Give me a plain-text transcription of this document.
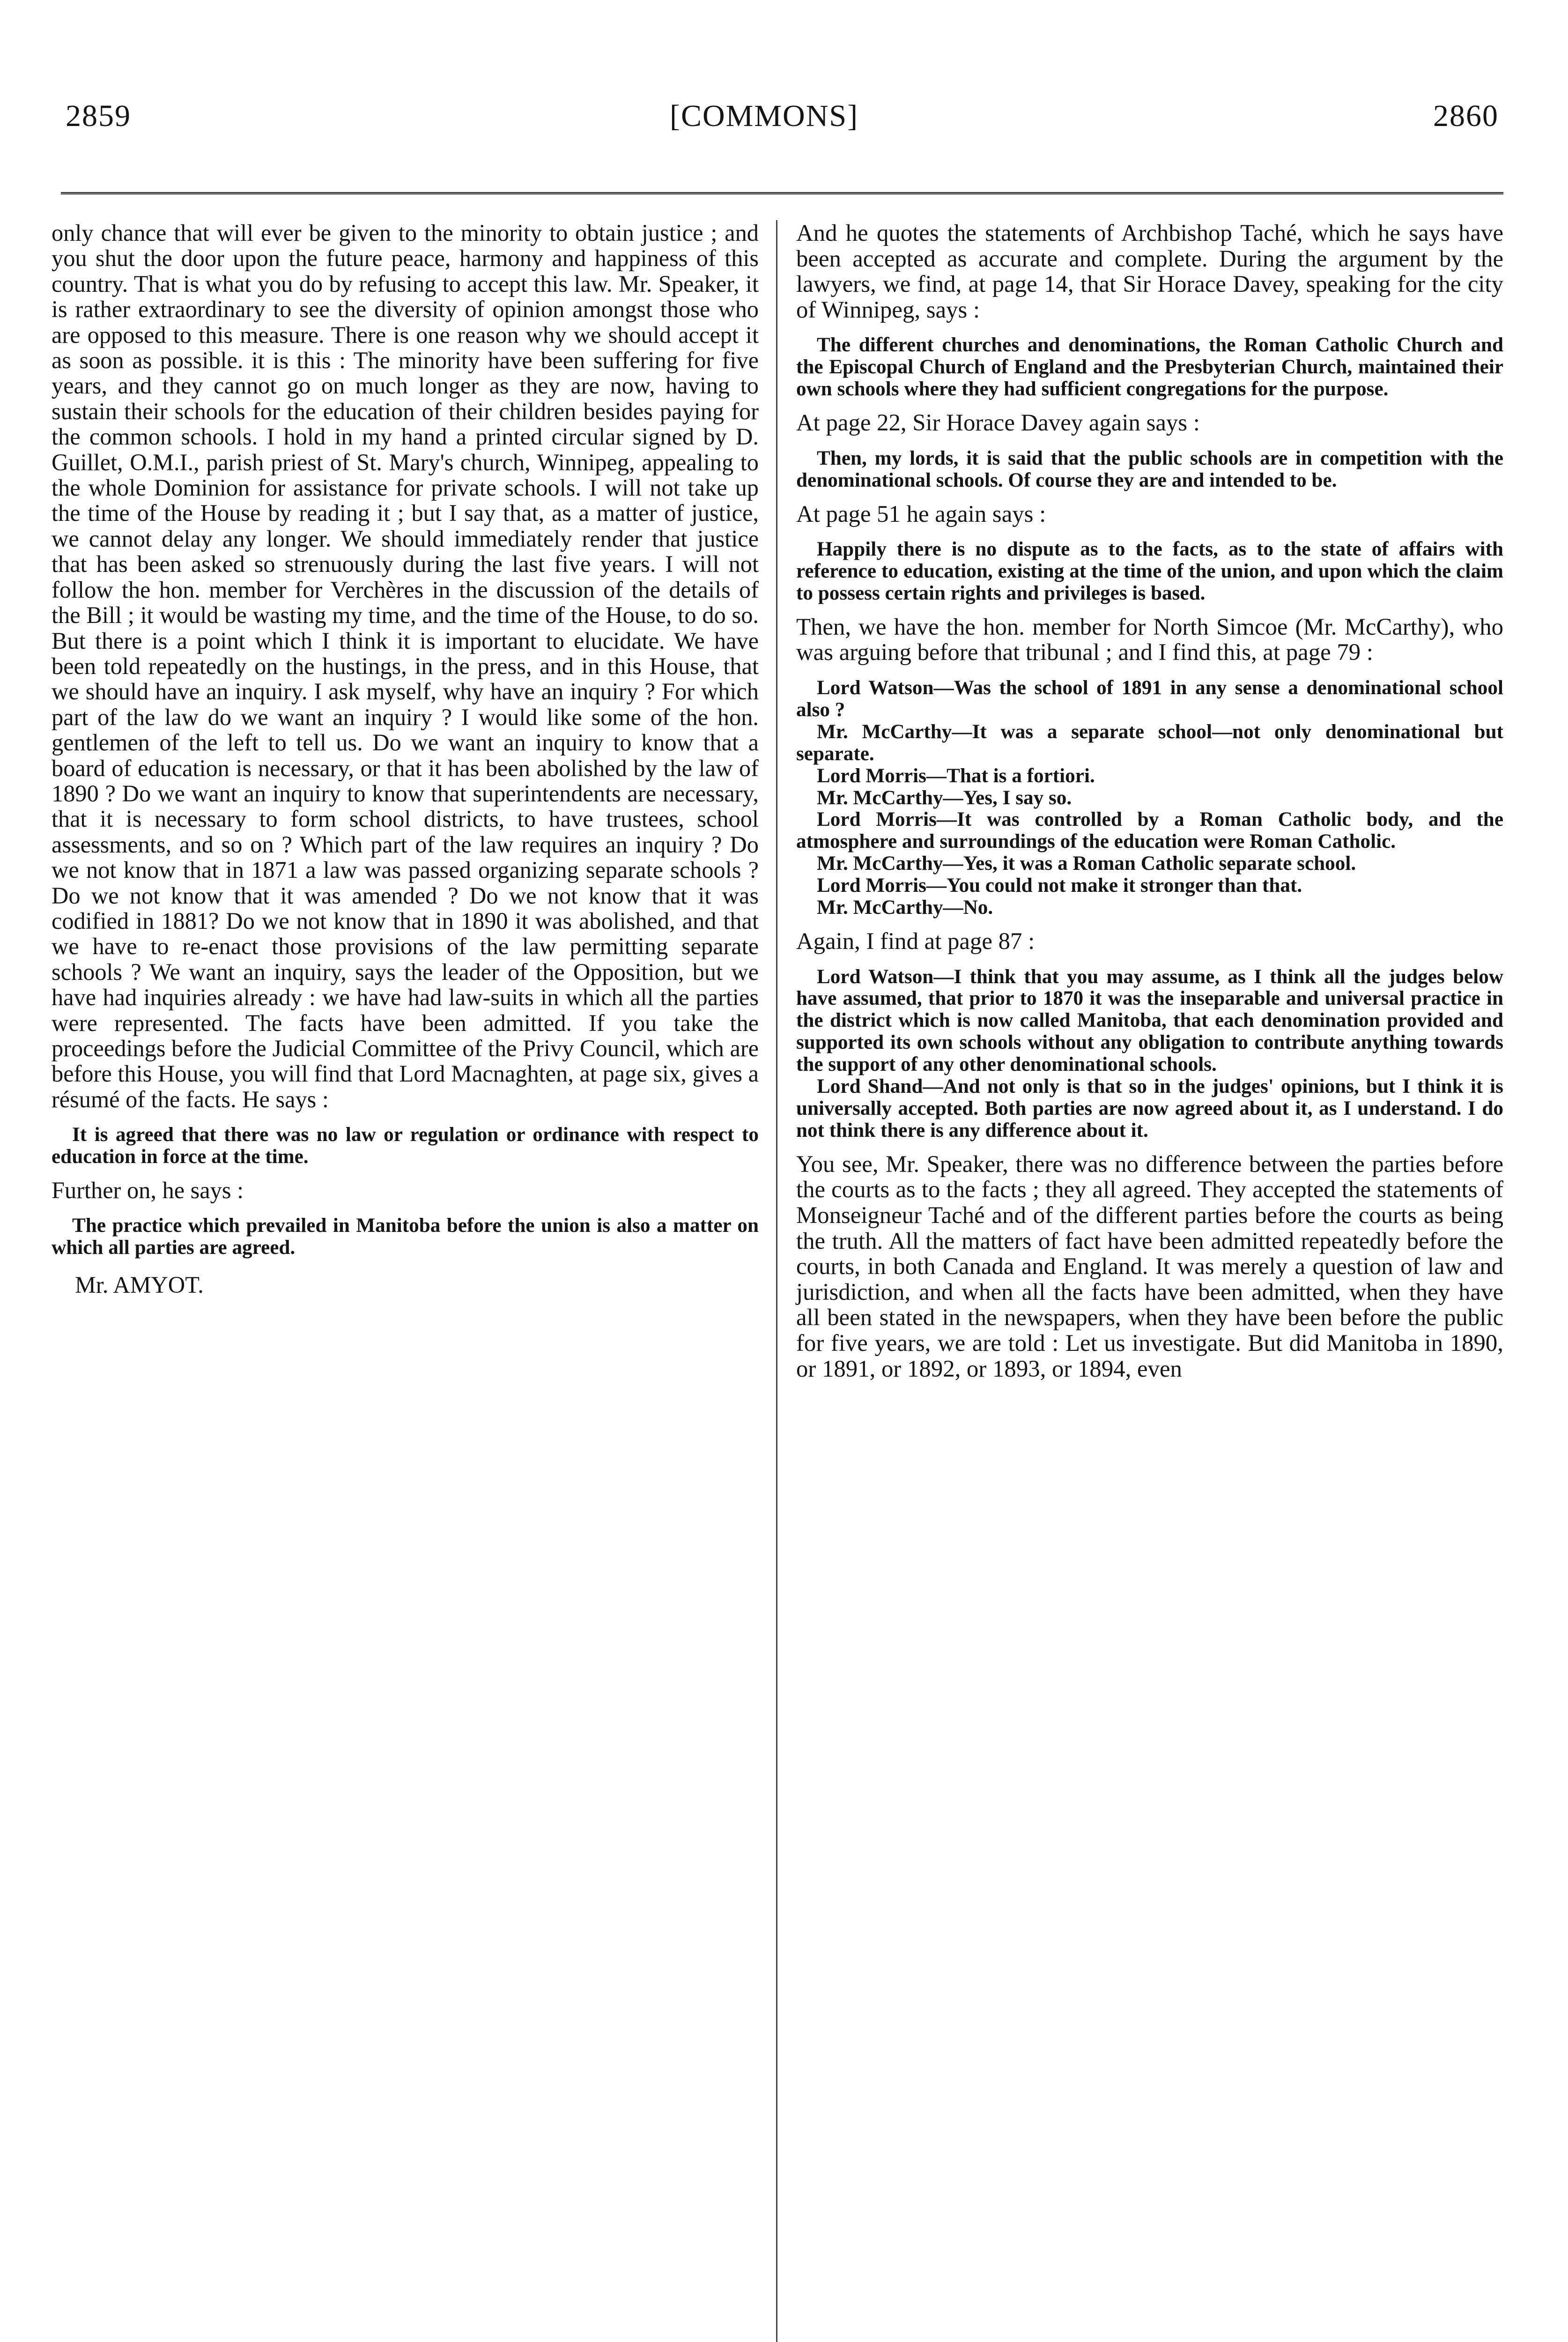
2859	[COMMONS]	2860

only chance that will ever be given to the minority to obtain justice ; and you shut the door upon the future peace, harmony and happiness of this country. That is what you do by refusing to accept this law. Mr. Speaker, it is rather extraordinary to see the diversity of opinion amongst those who are opposed to this measure. There is one reason why we should accept it as soon as possible. it is this : The minority have been suffering for five years, and they cannot go on much longer as they are now, having to sustain their schools for the education of their children besides paying for the common schools. I hold in my hand a printed circular signed by D. Guillet, O.M.I., parish priest of St. Mary's church, Winnipeg, appealing to the whole Dominion for assistance for private schools. I will not take up the time of the House by reading it ; but I say that, as a matter of justice, we cannot delay any longer. We should immediately render that justice that has been asked so strenuously during the last five years. I will not follow the hon. member for Verchères in the discussion of the details of the Bill ; it would be wasting my time, and the time of the House, to do so. But there is a point which I think it is important to elucidate. We have been told repeatedly on the hustings, in the press, and in this House, that we should have an inquiry. I ask myself, why have an inquiry ? For which part of the law do we want an inquiry ? I would like some of the hon. gentlemen of the left to tell us. Do we want an inquiry to know that a board of education is necessary, or that it has been abolished by the law of 1890 ? Do we want an inquiry to know that superintendents are necessary, that it is necessary to form school districts, to have trustees, school assessments, and so on ? Which part of the law requires an inquiry ? Do we not know that in 1871 a law was passed organizing separate schools ? Do we not know that it was amended ? Do we not know that it was codified in 1881? Do we not know that in 1890 it was abolished, and that we have to re-enact those provisions of the law permitting separate schools ? We want an inquiry, says the leader of the Opposition, but we have had inquiries already : we have had law-suits in which all the parties were represented. The facts have been admitted. If you take the proceedings before the Judicial Committee of the Privy Council, which are before this House, you will find that Lord Macnaghten, at page six, gives a résumé of the facts. He says :

It is agreed that there was no law or regulation or ordinance with respect to education in force at the time.

Further on, he says :

The practice which prevailed in Manitoba before the union is also a matter on which all parties are agreed.

Mr. AMYOT.

And he quotes the statements of Archbishop Taché, which he says have been accepted as accurate and complete. During the argument by the lawyers, we find, at page 14, that Sir Horace Davey, speaking for the city of Winnipeg, says :

The different churches and denominations, the Roman Catholic Church and the Episcopal Church of England and the Presbyterian Church, maintained their own schools where they had sufficient congregations for the purpose.

At page 22, Sir Horace Davey again says :

Then, my lords, it is said that the public schools are in competition with the denominational schools. Of course they are and intended to be.

At page 51 he again says :

Happily there is no dispute as to the facts, as to the state of affairs with reference to education, existing at the time of the union, and upon which the claim to possess certain rights and privileges is based.

Then, we have the hon. member for North Simcoe (Mr. McCarthy), who was arguing before that tribunal ; and I find this, at page 79 :

Lord Watson—Was the school of 1891 in any sense a denominational school also ?

Mr. McCarthy—It was a separate school—not only denominational but separate.

Lord Morris—That is a fortiori.

Mr. McCarthy—Yes, I say so.

Lord Morris—It was controlled by a Roman Catholic body, and the atmosphere and surroundings of the education were Roman Catholic.

Mr. McCarthy—Yes, it was a Roman Catholic separate school.

Lord Morris—You could not make it stronger than that.

Mr. McCarthy—No.

Again, I find at page 87 :

Lord Watson—I think that you may assume, as I think all the judges below have assumed, that prior to 1870 it was the inseparable and universal practice in the district which is now called Manitoba, that each denomination provided and supported its own schools without any obligation to contribute anything towards the support of any other denominational schools.

Lord Shand—And not only is that so in the judges' opinions, but I think it is universally accepted. Both parties are now agreed about it, as I understand. I do not think there is any difference about it.

You see, Mr. Speaker, there was no difference between the parties before the courts as to the facts ; they all agreed. They accepted the statements of Monseigneur Taché and of the different parties before the courts as being the truth. All the matters of fact have been admitted repeatedly before the courts, in both Canada and England. It was merely a question of law and jurisdiction, and when all the facts have been admitted, when they have all been stated in the newspapers, when they have been before the public for five years, we are told : Let us investigate. But did Manitoba in 1890, or 1891, or 1892, or 1893, or 1894, even
